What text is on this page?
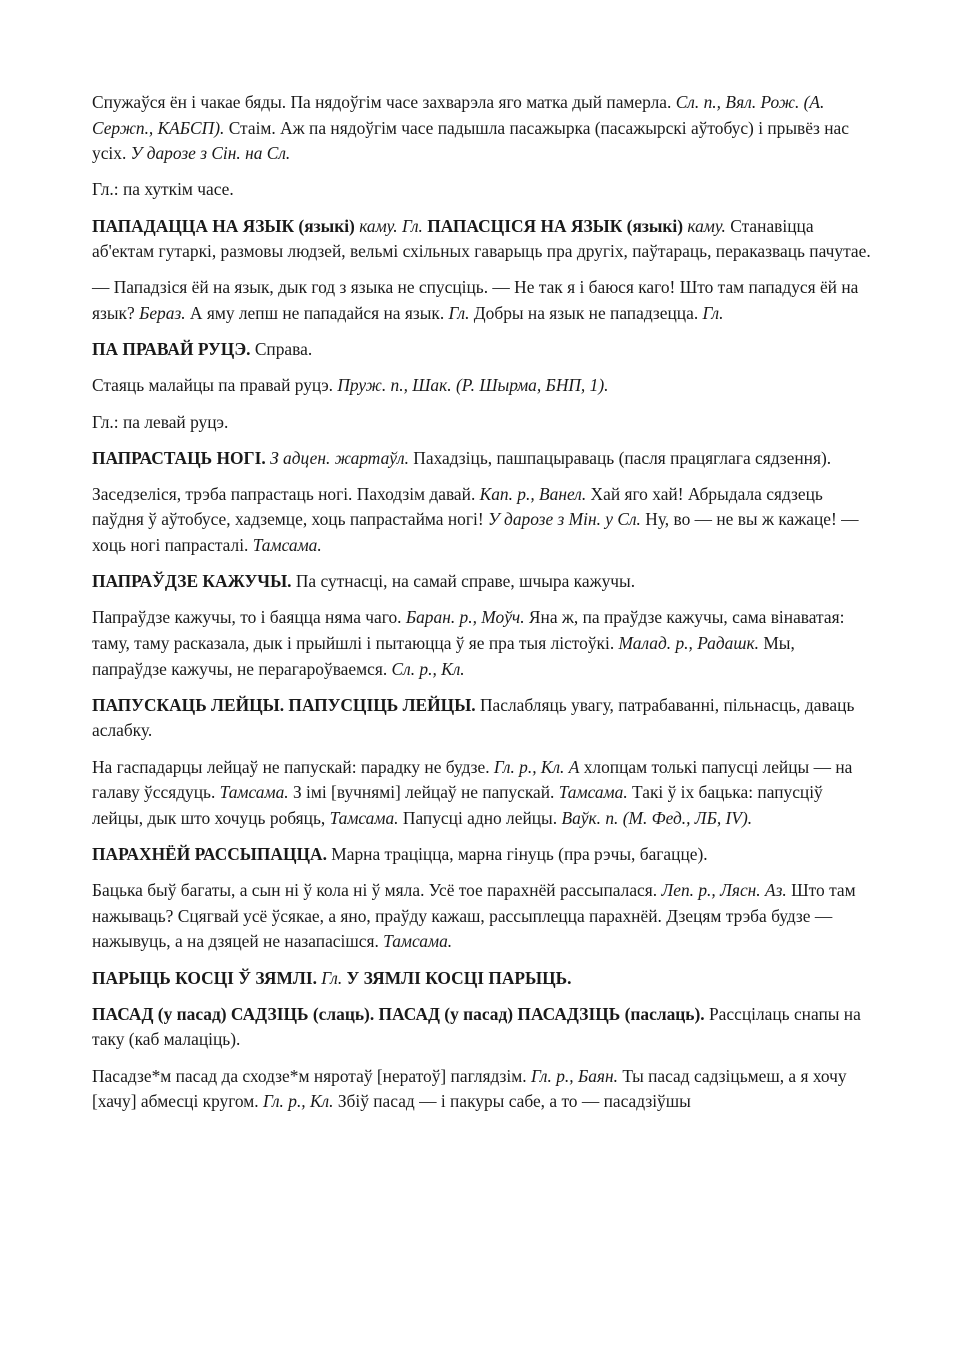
Спужаўся ён і чакае бяды. Па нядоўгім часе захварэла яго матка дый памерла. Сл. п., Вял. Рож. (А. Сержп., КАБСП). Стаім. Аж па нядоўгім часе падышла пасажырка (пасажырскі аўтобус) і прывёз нас усіх. У дарозе з Сін. на Сл.

Гл.: па хуткім часе.

ПАПАДАЦЦА НА ЯЗЫК (языкі) каму. Гл. ПАПАСЦІСЯ НА ЯЗЫК (языкі) каму. Станавіцца аб'ектам гутаркі, размовы людзей, вельмі схільных гаварыць пра другіх, паўтараць, пераказваць пачутае.

— Пападзіся ёй на язык, дык год з языка не спусціць. — Не так я і баюся каго! Што там пападуся ёй на язык? Бераз. А яму лепш не пападайся на язык. Гл. Добры на язык не пападзецца. Гл.

ПА ПРАВАЙ РУЦЭ. Справа.

Стаяць малайцы па правай руцэ. Пруж. п., Шак. (Р. Шырма, БНП, 1).

Гл.: па левай руцэ.

ПАПРАСТАЦЬ НОГІ. З адцен. жартаўл. Пахадзіць, пашпацыраваць (пасля працяглага сядзення).

Заседзеліся, трэба папрастаць ногі. Паходзім давай. Кап. р., Ванел. Хай яго хай! Абрыдала сядзець паўдня ў аўтобусе, хадземце, хоць папрастайма ногі! У дарозе з Мін. у Сл. Ну, во — не вы ж кажаце! — хоць ногі папрасталі. Тамсама.

ПАПРАЎДЗЕ КАЖУЧЫ. Па сутнасці, на самай справе, шчыра кажучы.

Папраўдзе кажучы, то і баяцца няма чаго. Баран. р., Моўч. Яна ж, па праўдзе кажучы, сама вінаватая: таму, таму расказала, дык і прыйшлі і пытаюцца ў яе пра тыя лістоўкі. Малад. р., Радашк. Мы, папраўдзе кажучы, не перагароўваемся. Сл. р., Кл.

ПАПУСКАЦЬ ЛЕЙЦЫ. ПАПУСЦІЦЬ ЛЕЙЦЫ. Паслабляць увагу, патрабаванні, пільнасць, даваць аслабку.

На гаспадарцы лейцаў не папускай: парадку не будзе. Гл. р., Кл. А хлопцам толькі папусці лейцы — на галаву ўссядуць. Тамсама. З імі [вучнямі] лейцаў не папускай. Тамсама. Такі ў іх бацька: папусціў лейцы, дык што хочуць робяць, Тамсама. Папусці адно лейцы. Ваўк. п. (М. Фед., ЛБ, IV).

ПАРАХНЁЙ РАССЫПАЦЦА. Марна траціцца, марна гінуць (пра рэчы, багацце).

Бацька быў багаты, а сын ні ў кола ні ў мяла. Усё тое парахнёй рассыпалася. Леп. р., Лясн. Аз. Што там нажываць? Сцягвай усё ўсякае, а яно, праўду кажаш, рассыплецца парахнёй. Дзецям трэба будзе — нажывуць, а на дзяцей не назапасішся. Тамсама.

ПАРЫЦЬ КОСЦІ Ў ЗЯМЛІ. Гл. У ЗЯМЛІ КОСЦІ ПАРЫЦЬ.

ПАСАД (у пасад) САДЗІЦЬ (слаць). ПАСАД (у пасад) ПАСАДЗІЦЬ (паслаць). Рассцілаць снапы на таку (каб малаціць).

Пасадзе*м пасад да сходзе*м няротаў [нератоў] паглядзім. Гл. р., Баян. Ты пасад садзіцьмеш, а я хочу [хачу] абмесці кругом. Гл. р., Кл. Збіў пасад — і пакуры сабе, а то — пасадзіўшы
